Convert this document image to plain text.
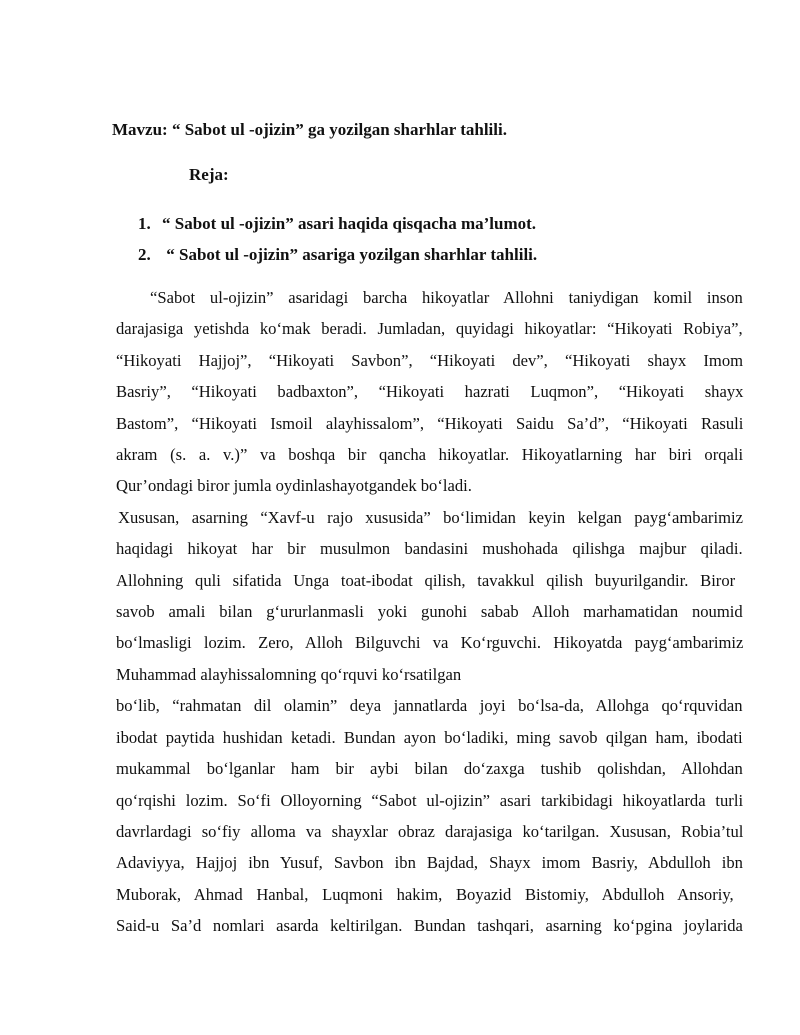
Mavzu: “ Sabot ul -ojizin” ga yozilgan sharhlar tahlili.
Reja:
1. “ Sabot ul -ojizin” asari haqida qisqacha ma’lumot.
2. “ Sabot ul -ojizin” asariga yozilgan sharhlar tahlili.
“Sabot ul-ojizin” asaridagi barcha hikoyatlar Allohni taniydigan komil inson
darajasiga yetishda ko‘mak beradi. Jumladan, quyidagi hikoyatlar: “Hikoyati Robiya”,
“Hikoyati Hajjoj”, “Hikoyati Savbon”, “Hikoyati dev”, “Hikoyati shayx Imom
Basriy”, “Hikoyati badbaxton”, “Hikoyati hazrati Luqmon”, “Hikoyati shayx
Bastom”, “Hikoyati Ismoil alayhissalom”, “Hikoyati Saidu Sa’d”, “Hikoyati Rasuli
akram (s. a. v.)” va boshqa bir qancha hikoyatlar. Hikoyatlarning har biri orqali
Qur’ondagi biror jumla oydinlashayotgandek bo‘ladi.
Xususan, asarning “Xavf-u rajo xususida” bo‘limidan keyin kelgan payg‘ambarimiz
haqidagi hikoyat har bir musulmon bandasini mushohada qilishga majbur qiladi.
Allohning quli sifatida Unga toat-ibodat qilish, tavakkul qilish buyurilgandir. Biror
savob amali bilan g‘ururlanmasli yoki gunohi sabab Alloh marhamatidan noumid
bo‘lmasligi lozim. Zero, Alloh Bilguvchi va Ko‘rguvchi. Hikoyatda payg‘ambarimiz
Muhammad alayhissalomning qo‘rquvi ko‘rsatilgan
bo‘lib, “rahmatan dil olamin” deya jannatlarda joyi bo‘lsa-da, Allohga qo‘rquvidan
ibodat paytida hushidan ketadi. Bundan ayon bo‘ladiki, ming savob qilgan ham, ibodati
mukammal bo‘lganlar ham bir aybi bilan do‘zaxga tushib qolishdan, Allohdan
qo‘rqishi lozim. So‘fi Olloyorning “Sabot ul-ojizin” asari tarkibidagi hikoyatlarda turli
davrlardagi so‘fiy alloma va shayxlar obraz darajasiga ko‘tarilgan. Xususan, Robia’tul
Adaviyya, Hajjoj ibn Yusuf, Savbon ibn Bajdad, Shayx imom Basriy, Abdulloh ibn
Muborak, Ahmad Hanbal, Luqmoni hakim, Boyazid Bistomiy, Abdulloh Ansoriy,
Said-u Sa’d nomlari asarda keltirilgan. Bundan tashqari, asarning ko‘pgina joylarida
